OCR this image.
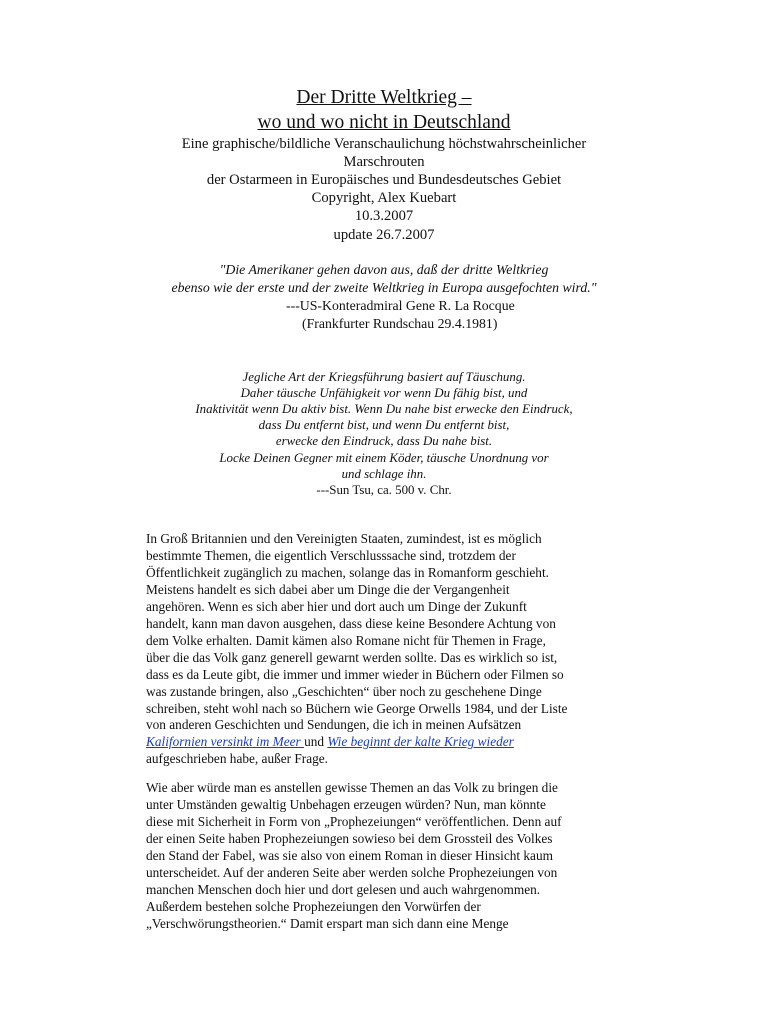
Der Dritte Weltkrieg –
wo und wo nicht in Deutschland
Eine graphische/bildliche Veranschaulichung höchstwahrscheinlicher
Marschrouten
der Ostarmeen in Europäisches und Bundesdeutsches Gebiet
Copyright, Alex Kuebart
10.3.2007
update 26.7.2007
"Die Amerikaner gehen davon aus, daß der dritte Weltkrieg
ebenso wie der erste und der zweite Weltkrieg in Europa ausgefochten wird."
---US-Konteradmiral Gene R. La Rocque
(Frankfurter Rundschau 29.4.1981)
Jegliche Art der Kriegsführung basiert auf Täuschung.
Daher täusche Unfähigkeit vor wenn Du fähig bist, und
Inaktivität wenn Du aktiv bist. Wenn Du nahe bist erwecke den Eindruck,
dass Du entfernt bist, und wenn Du entfernt bist,
erwecke den Eindruck, dass Du nahe bist.
Locke Deinen Gegner mit einem Köder, täusche Unordnung vor
und schlage ihn.
---Sun Tsu, ca. 500 v. Chr.
In Groß Britannien und den Vereinigten Staaten, zumindest, ist es möglich
bestimmte Themen, die eigentlich Verschlusssache sind, trotzdem der
Öffentlichkeit zugänglich zu machen, solange das in Romanform geschieht.
Meistens handelt es sich dabei aber um Dinge die der Vergangenheit
angehören. Wenn es sich aber hier und dort auch um Dinge der Zukunft
handelt, kann man davon ausgehen, dass diese keine Besondere Achtung von
dem Volke erhalten. Damit kämen also Romane nicht für Themen in Frage,
über die das Volk ganz generell gewarnt werden sollte. Das es wirklich so ist,
dass es da Leute gibt, die immer und immer wieder in Büchern oder Filmen so
was zustande bringen, also „Geschichten“ über noch zu geschehene Dinge
schreiben, steht wohl nach so Büchern wie George Orwells 1984, und der Liste
von anderen Geschichten und Sendungen, die ich in meinen Aufsätzen
Kalifornien versinkt im Meer und Wie beginnt der kalte Krieg wieder
aufgeschrieben habe, außer Frage.
Wie aber würde man es anstellen gewisse Themen an das Volk zu bringen die
unter Umständen gewaltig Unbehagen erzeugen würden? Nun, man könnte
diese mit Sicherheit in Form von „Prophezeiungen“ veröffentlichen. Denn auf
der einen Seite haben Prophezeiungen sowieso bei dem Grossteil des Volkes
den Stand der Fabel, was sie also von einem Roman in dieser Hinsicht kaum
unterscheidet. Auf der anderen Seite aber werden solche Prophezeiungen von
manchen Menschen doch hier und dort gelesen und auch wahrgenommen.
Außerdem bestehen solche Prophezeiungen den Vorwürfen der
„Verschwörungstheorien.“ Damit erspart man sich dann eine Menge
